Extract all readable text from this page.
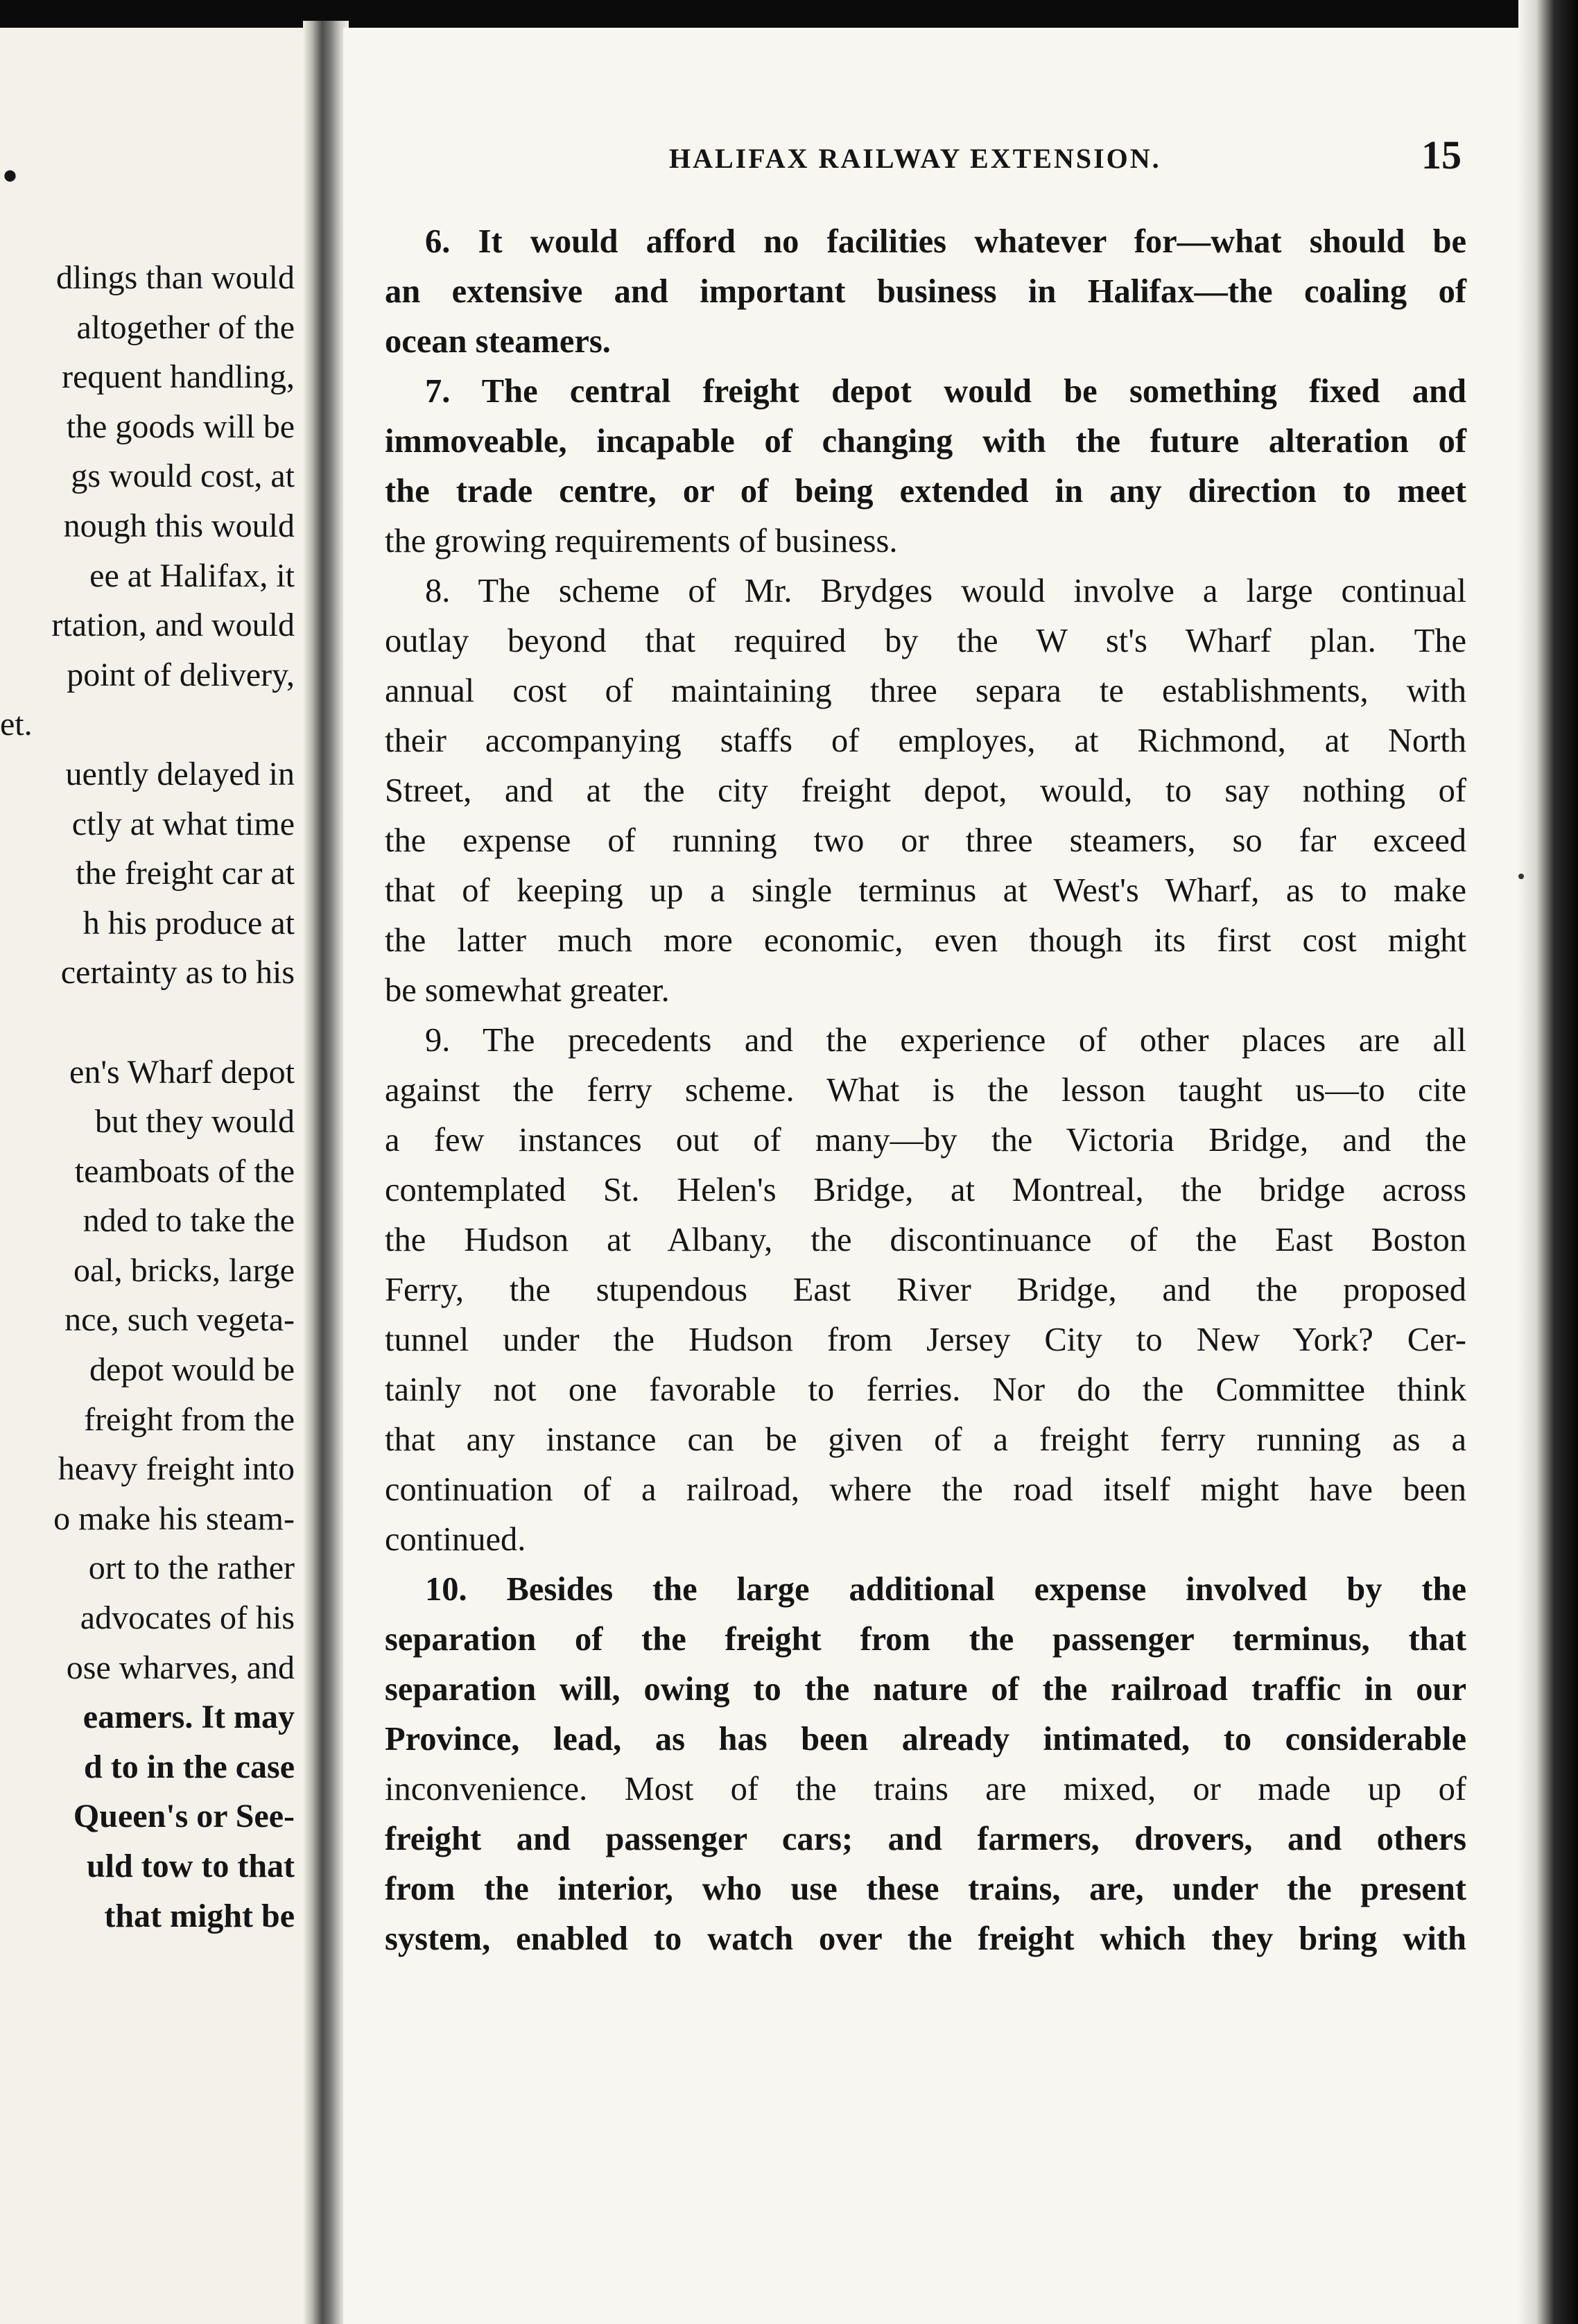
•
dlings than would
altogether of the
requent handling,
the goods will be
gs would cost, at
nough this would
ee at Halifax, it
rtation, and would
point of delivery,
et.
uently delayed in
ctly at what time
the freight car at
h his produce at
certainty as to his
en's Wharf depot
but they would
teamboats of the
nded to take the
oal, bricks, large
nce, such vegeta-
depot would be
freight from the
heavy freight into
o make his steam-
ort to the rather
advocates of his
ose wharves, and
eamers. It may
d to in the case
Queen's or See-
uld tow to that
that might be
HALIFAX RAILWAY EXTENSION.	15
6. It would afford no facilities whatever for—what should be
an extensive and important business in Halifax—the coaling of
ocean steamers.
7. The central freight depot would be something fixed and
immoveable, incapable of changing with the future alteration of
the trade centre, or of being extended in any direction to meet
the growing requirements of business.
8. The scheme of Mr. Brydges would involve a large continual
outlay beyond that required by the W st's Wharf plan. The
annual cost of maintaining three separa te establishments, with
their accompanying staffs of employes, at Richmond, at North
Street, and at the city freight depot, would, to say nothing of
the expense of running two or three steamers, so far exceed
that of keeping up a single terminus at West's Wharf, as to make
the latter much more economic, even though its first cost might
be somewhat greater.
9. The precedents and the experience of other places are all
against the ferry scheme. What is the lesson taught us—to cite
a few instances out of many—by the Victoria Bridge, and the
contemplated St. Helen's Bridge, at Montreal, the bridge across
the Hudson at Albany, the discontinuance of the East Boston
Ferry, the stupendous East River Bridge, and the proposed
tunnel under the Hudson from Jersey City to New York? Cer-
tainly not one favorable to ferries. Nor do the Committee think
that any instance can be given of a freight ferry running as a
continuation of a railroad, where the road itself might have been
continued.
10. Besides the large additional expense involved by the
separation of the freight from the passenger terminus, that
separation will, owing to the nature of the railroad traffic in our
Province, lead, as has been already intimated, to considerable
inconvenience. Most of the trains are mixed, or made up of
freight and passenger cars; and farmers, drovers, and others
from the interior, who use these trains, are, under the present
system, enabled to watch over the freight which they bring with
